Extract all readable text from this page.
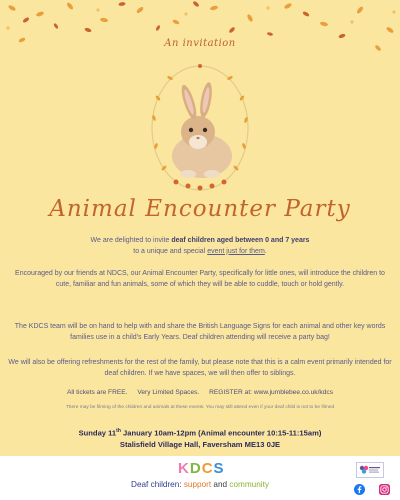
An invitation
Animal Encounter Party

We are delighted to invite deaf children aged between 0 and 7 years
to a unique and special event just for them.

Encouraged by our friends at NDCS, our Animal Encounter Party, specifically for little ones, will introduce the children to cute, familiar and fun animals, some of which they will be able to cuddle, touch or hold gently.

The KDCS team will be on hand to help with and share the British Language Signs for each animal and other key words families use in a child's Early Years. Deaf children attending will receive a party bag!

We will also be offering refreshments for the rest of the family, but please note that this is a calm event primarily intended for deaf children. If we have spaces, we will then offer to siblings.

All tickets are FREE. Very Limited Spaces. REGISTER at: www.jumblebee.co.uk/kdcs
There may be filming of the children and animals at these events. You may still attend even if your deaf child is not to be filmed
Sunday 11th January 10am-12pm (Animal encounter 10:15-11:15am)
Stalisfield Village Hall, Faversham ME13 0JE
K D C S
Deaf children: support and community
